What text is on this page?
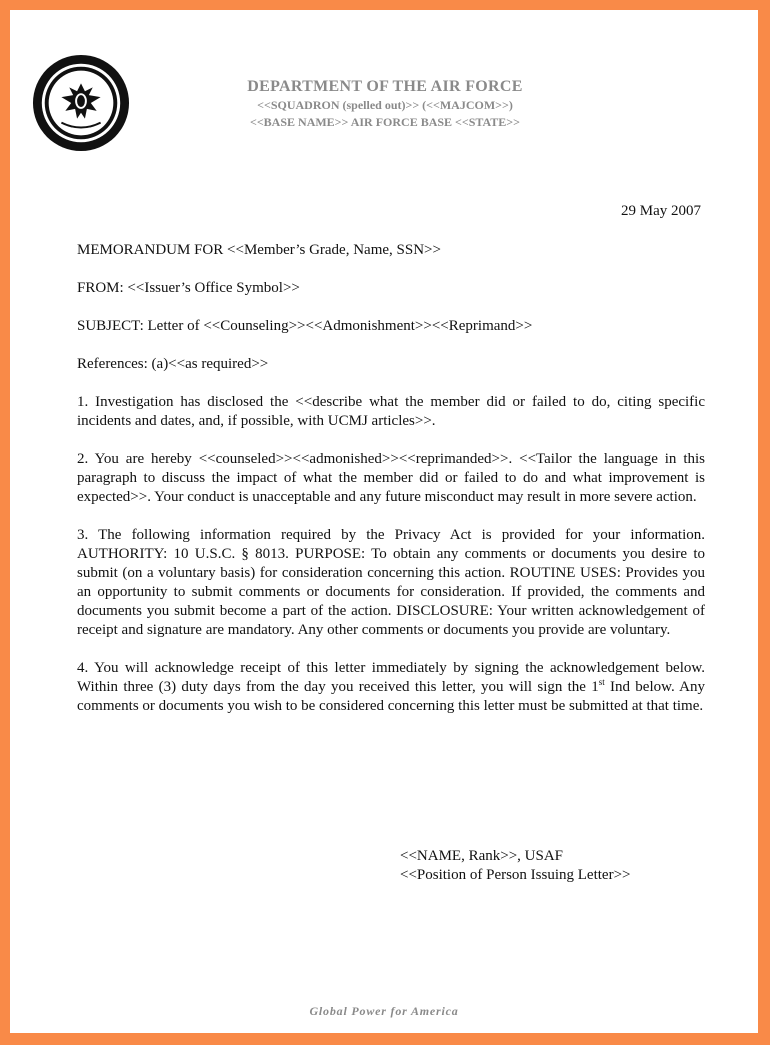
DEPARTMENT OF THE AIR FORCE
<<SQUADRON (spelled out)>> (<<MAJCOM>>)
<<BASE NAME>> AIR FORCE BASE <<STATE>>
29 May 2007
MEMORANDUM FOR <<Member’s Grade, Name, SSN>>
FROM: <<Issuer’s Office Symbol>>
SUBJECT: Letter of <<Counseling>><<Admonishment>><<Reprimand>>
References: (a)<<as required>>
1. Investigation has disclosed the <<describe what the member did or failed to do, citing specific incidents and dates, and, if possible, with UCMJ articles>>.
2. You are hereby <<counseled>><<admonished>><<reprimanded>>. <<Tailor the language in this paragraph to discuss the impact of what the member did or failed to do and what improvement is expected>>. Your conduct is unacceptable and any future misconduct may result in more severe action.
3. The following information required by the Privacy Act is provided for your information. AUTHORITY: 10 U.S.C. § 8013. PURPOSE: To obtain any comments or documents you desire to submit (on a voluntary basis) for consideration concerning this action. ROUTINE USES: Provides you an opportunity to submit comments or documents for consideration. If provided, the comments and documents you submit become a part of the action. DISCLOSURE: Your written acknowledgement of receipt and signature are mandatory. Any other comments or documents you provide are voluntary.
4. You will acknowledge receipt of this letter immediately by signing the acknowledgement below. Within three (3) duty days from the day you received this letter, you will sign the 1st Ind below. Any comments or documents you wish to be considered concerning this letter must be submitted at that time.
<<NAME, Rank>>, USAF
<<Position of Person Issuing Letter>>
Global Power for America
